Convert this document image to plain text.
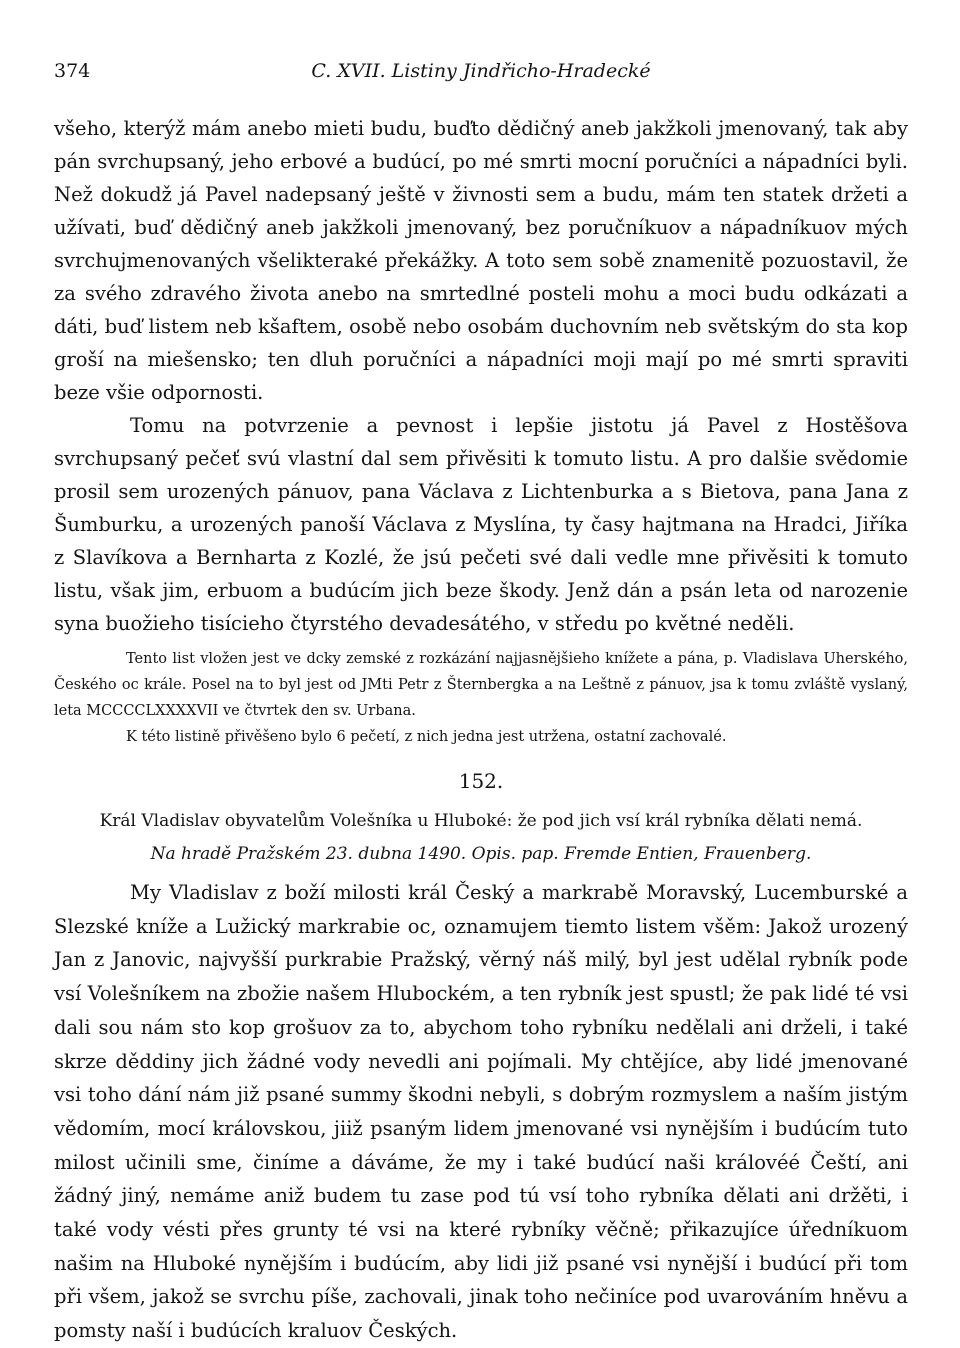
374	C. XVII. Listiny Jindřicho-Hradecké

všeho, kterýž mám anebo mieti budu, buďto dědičný aneb jakžkoli jmenovaný, tak aby pán svrchupsaný, jeho erbové a budúcí, po mé smrti mocní poručníci a nápadníci byli. Než dokudž já Pavel nadepsaný ještě v živnosti sem a budu, mám ten statek držeti a užívati, buď dědičný aneb jakžkoli jmenovaný, bez poručníkuov a nápadníkuov mých svrchujmenovaných všelikteraké překážky. A toto sem sobě znamenitě pozuostavil, že za svého zdravého života anebo na smrtedlné posteli mohu a moci budu odkázati a dáti, buď listem neb kšaftem, osobě nebo osobám duchovním neb světským do sta kop groší na miešensko; ten dluh poručníci a nápadníci moji mají po mé smrti spraviti beze všie odpornosti.

Tomu na potvrzenie a pevnost i lepšie jistotu já Pavel z Hostěšova svrchupsaný pečeť svú vlastní dal sem přivěsiti k tomuto listu. A pro dalšie svědomie prosil sem urozených pánuov, pana Václava z Lichtenburka a s Bietova, pana Jana z Šumburku, a urozených panoší Václava z Myslína, ty časy hajtmana na Hradci, Jiříka z Slavíkova a Bernharta z Kozlé, že jsú pečeti své dali vedle mne přivěsiti k tomuto listu, však jim, erbuom a budúcím jich beze škody. Jenž dán a psán leta od narozenie syna buožieho tisícieho čtyrstého devadesátého, v středu po květné neděli.

Tento list vložen jest ve dcky zemské z rozkázání najjasnějšieho knížete a pána, p. Vladislava Uherského, Českého oc krále. Posel na to byl jest od JMti Petr z Šternbergka a na Leštně z pánuov, jsa k tomu zvláště vyslaný, leta MCCCCLXXXXVII ve čtvrtek den sv. Urbana.

K této listině přivěšeno bylo 6 pečetí, z nich jedna jest utržena, ostatní zachovalé.

152.
Král Vladislav obyvatelům Volešníka u Hluboké: že pod jich vsí král rybníka dělati nemá.
Na hradě Pražském 23. dubna 1490. Opis. pap. Fremde Entien, Frauenberg.

My Vladislav z boží milosti král Český a markrabě Moravský, Lucemburské a Slezské kníže a Lužický markrabie oc, oznamujem tiemto listem všěm: Jakož urozený Jan z Janovic, najvyšší purkrabie Pražský, věrný náš milý, byl jest udělal rybník pode vsí Volešníkem na zbožie našem Hlubockém, a ten rybník jest spustl; že pak lidé té vsi dali sou nám sto kop grošuov za to, abychom toho rybníku nedělali ani drželi, i také skrze děddiny jich žádné vody nevedli ani pojímali. My chtějíce, aby lidé jmenované vsi toho dání nám již psané summy škodni nebyli, s dobrým rozmyslem a naším jistým vědomím, mocí královskou, jiiž psaným lidem jmenované vsi nynějším i budúcím tuto milost učinili sme, činíme a dáváme, že my i také budúcí naši královéé Čeští, ani žádný jiný, nemáme aniž budem tu zase pod tú vsí toho rybníka dělati ani držěti, i také vody vésti přes grunty té vsi na které rybníky věčně; přikazujíce úředníkuom našim na Hluboké nynějším i budúcím, aby lidi již psané vsi nynější i budúcí při tom při všem, jakož se svrchu píše, zachovali, jinak toho nečiníce pod uvarováním hněvu a pomsty naší i budúcích kraluov Českých.
